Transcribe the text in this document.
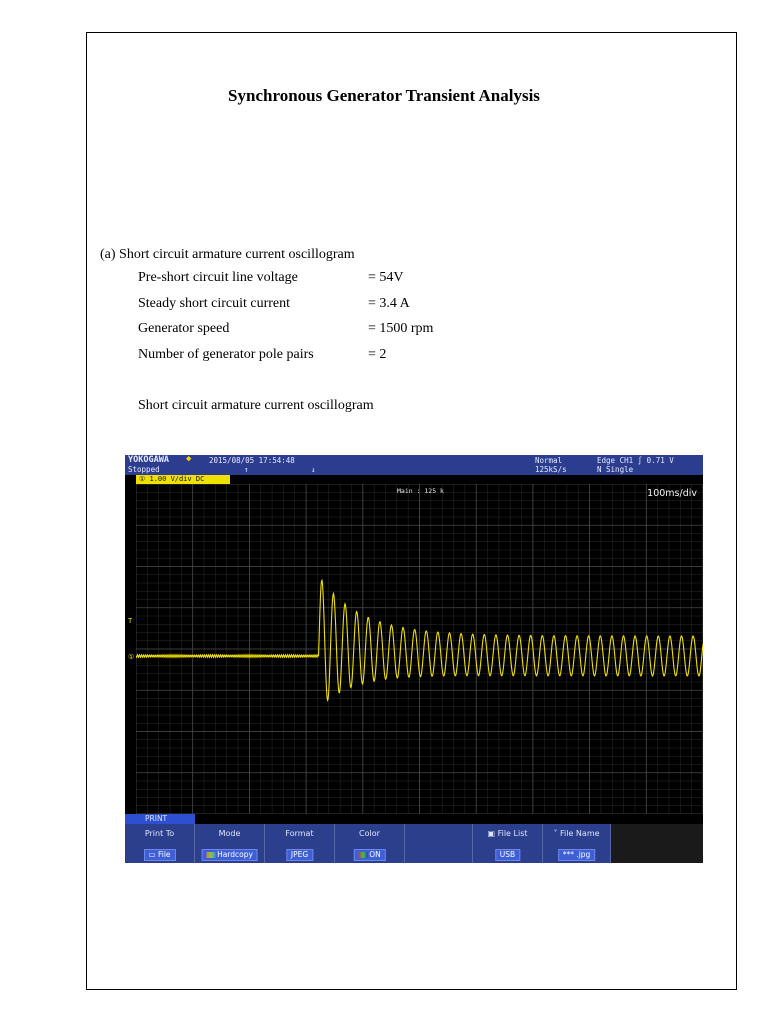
Synchronous Generator Transient Analysis
(a) Short circuit armature current oscillogram
Pre-short circuit line voltage	= 54V
Steady short circuit current	= 3.4 A
Generator speed	= 1500 rpm
Number of generator pole pairs	= 2
Short circuit armature current oscillogram
YOKOGAWA ◆ 2015/08/05 17:54:48
Stopped	↑	↓
Normal
125kS/s
Edge CH1 ∫ 0.71 V
N Single
① 1.00 V/div DC
Main : 125 k	100ms/div
T
①
PRINT
Print To
▭ File
Mode
Hardcopy
Format
JPEG
Color
ON
▣ File List
USB
˅ File Name
*** .jpg
